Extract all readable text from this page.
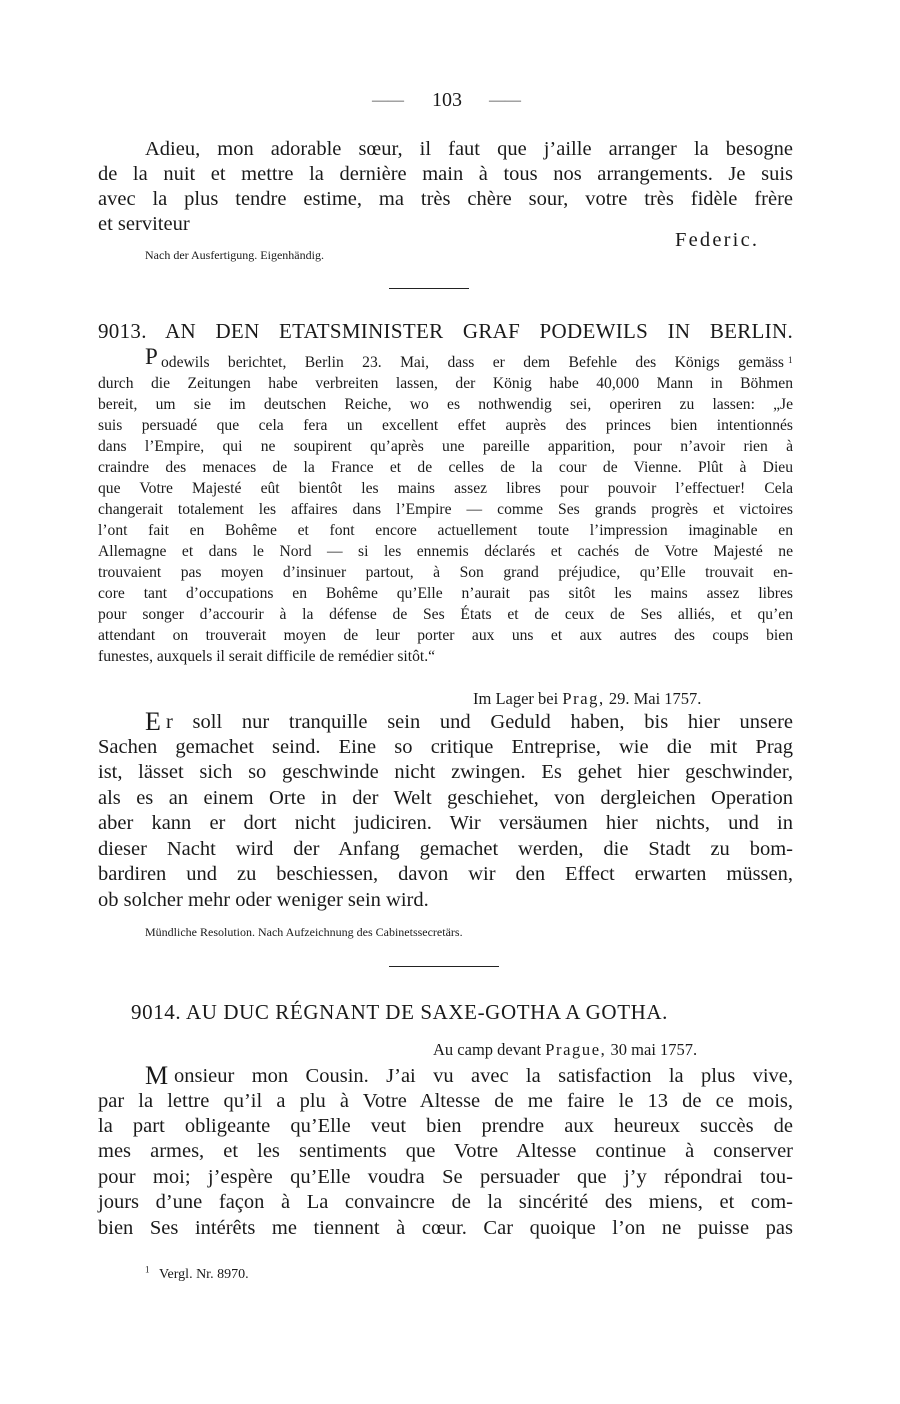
—— 103 ——
Adieu, mon adorable sœur, il faut que j’aille arranger la besogne
de la nuit et mettre la dernière main à tous nos arrangements. Je suis
avec la plus tendre estime, ma très chère sour, votre très fidèle frère
et serviteur
Federic.
Nach der Ausfertigung. Eigenhändig.
9013. AN DEN ETATSMINISTER GRAF PODEWILS IN BERLIN.
P odewils berichtet, Berlin 23. Mai, dass er dem Befehle des Königs gemäss 1
durch die Zeitungen habe verbreiten lassen, der König habe 40,000 Mann in Böhmen
bereit, um sie im deutschen Reiche, wo es nothwendig sei, operiren zu lassen: „Je
suis persuadé que cela fera un excellent effet auprès des princes bien intentionnés
dans l’Empire, qui ne soupirent qu’après une pareille apparition, pour n’avoir rien à
craindre des menaces de la France et de celles de la cour de Vienne. Plût à Dieu
que Votre Majesté eût bientôt les mains assez libres pour pouvoir l’effectuer! Cela
changerait totalement les affaires dans l’Empire — comme Ses grands progrès et victoires
l’ont fait en Bohême et font encore actuellement toute l’impression imaginable en
Allemagne et dans le Nord — si les ennemis déclarés et cachés de Votre Majesté ne
trouvaient pas moyen d’insinuer partout, à Son grand préjudice, qu’Elle trouvait en-
core tant d’occupations en Bohême qu’Elle n’aurait pas sitôt les mains assez libres
pour songer d’accourir à la défense de Ses États et de ceux de Ses alliés, et qu’en
attendant on trouverait moyen de leur porter aux uns et aux autres des coups bien
funestes, auxquels il serait difficile de remédier sitôt.“
Im Lager bei Prag, 29. Mai 1757.
E r soll nur tranquille sein und Geduld haben, bis hier unsere
Sachen gemachet seind. Eine so critique Entreprise, wie die mit Prag
ist, lässet sich so geschwinde nicht zwingen. Es gehet hier geschwinder,
als es an einem Orte in der Welt geschiehet, von dergleichen Operation
aber kann er dort nicht judiciren. Wir versäumen hier nichts, und in
dieser Nacht wird der Anfang gemachet werden, die Stadt zu bom-
bardiren und zu beschiessen, davon wir den Effect erwarten müssen,
ob solcher mehr oder weniger sein wird.
Mündliche Resolution. Nach Aufzeichnung des Cabinetssecretärs.
9014. AU DUC RÉGNANT DE SAXE-GOTHA A GOTHA.
Au camp devant Prague, 30 mai 1757.
M onsieur mon Cousin. J’ai vu avec la satisfaction la plus vive,
par la lettre qu’il a plu à Votre Altesse de me faire le 13 de ce mois,
la part obligeante qu’Elle veut bien prendre aux heureux succès de
mes armes, et les sentiments que Votre Altesse continue à conserver
pour moi; j’espère qu’Elle voudra Se persuader que j’y répondrai tou-
jours d’une façon à La convaincre de la sincérité des miens, et com-
bien Ses intérêts me tiennent à cœur. Car quoique l’on ne puisse pas
$^1$ Vergl. Nr. 8970.
